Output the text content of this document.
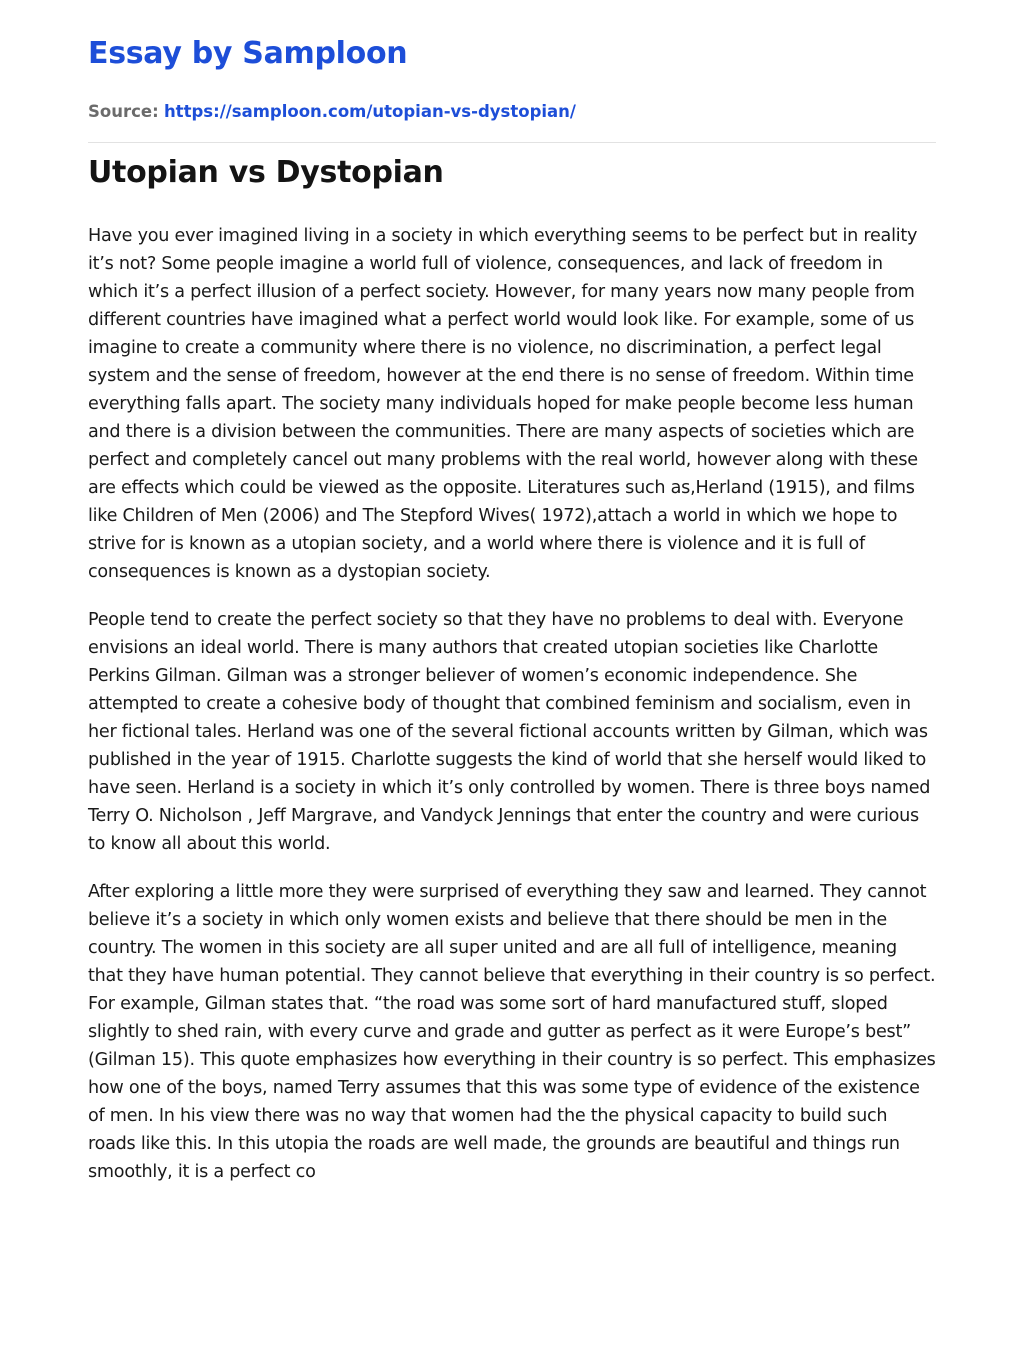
Essay by Samploon
Source: https://samploon.com/utopian-vs-dystopian/
Utopian vs Dystopian

Have you ever imagined living in a society in which everything seems to be perfect but in reality it’s not? Some people imagine a world full of violence, consequences, and lack of freedom in which it’s a perfect illusion of a perfect society. However, for many years now many people from different countries have imagined what a perfect world would look like. For example, some of us imagine to create a community where there is no violence, no discrimination, a perfect legal system and the sense of freedom, however at the end there is no sense of freedom. Within time everything falls apart. The society many individuals hoped for make people become less human and there is a division between the communities. There are many aspects of societies which are perfect and completely cancel out many problems with the real world, however along with these are effects which could be viewed as the opposite. Literatures such as,Herland (1915), and films like Children of Men (2006) and The Stepford Wives( 1972),attach a world in which we hope to strive for is known as a utopian society, and a world where there is violence and it is full of consequences is known as a dystopian society.

People tend to create the perfect society so that they have no problems to deal with. Everyone envisions an ideal world. There is many authors that created utopian societies like Charlotte Perkins Gilman. Gilman was a stronger believer of women’s economic independence. She attempted to create a cohesive body of thought that combined feminism and socialism, even in her fictional tales. Herland was one of the several fictional accounts written by Gilman, which was published in the year of 1915. Charlotte suggests the kind of world that she herself would liked to have seen. Herland is a society in which it’s only controlled by women. There is three boys named Terry O. Nicholson , Jeff Margrave, and Vandyck Jennings that enter the country and were curious to know all about this world.

After exploring a little more they were surprised of everything they saw and learned. They cannot believe it’s a society in which only women exists and believe that there should be men in the country. The women in this society are all super united and are all full of intelligence, meaning that they have human potential. They cannot believe that everything in their country is so perfect. For example, Gilman states that. “the road was some sort of hard manufactured stuff, sloped slightly to shed rain, with every curve and grade and gutter as perfect as it were Europe’s best” (Gilman 15). This quote emphasizes how everything in their country is so perfect. This emphasizes how one of the boys, named Terry assumes that this was some type of evidence of the existence of men. In his view there was no way that women had the the physical capacity to build such roads like this. In this utopia the roads are well made, the grounds are beautiful and things run smoothly, it is a perfect co
